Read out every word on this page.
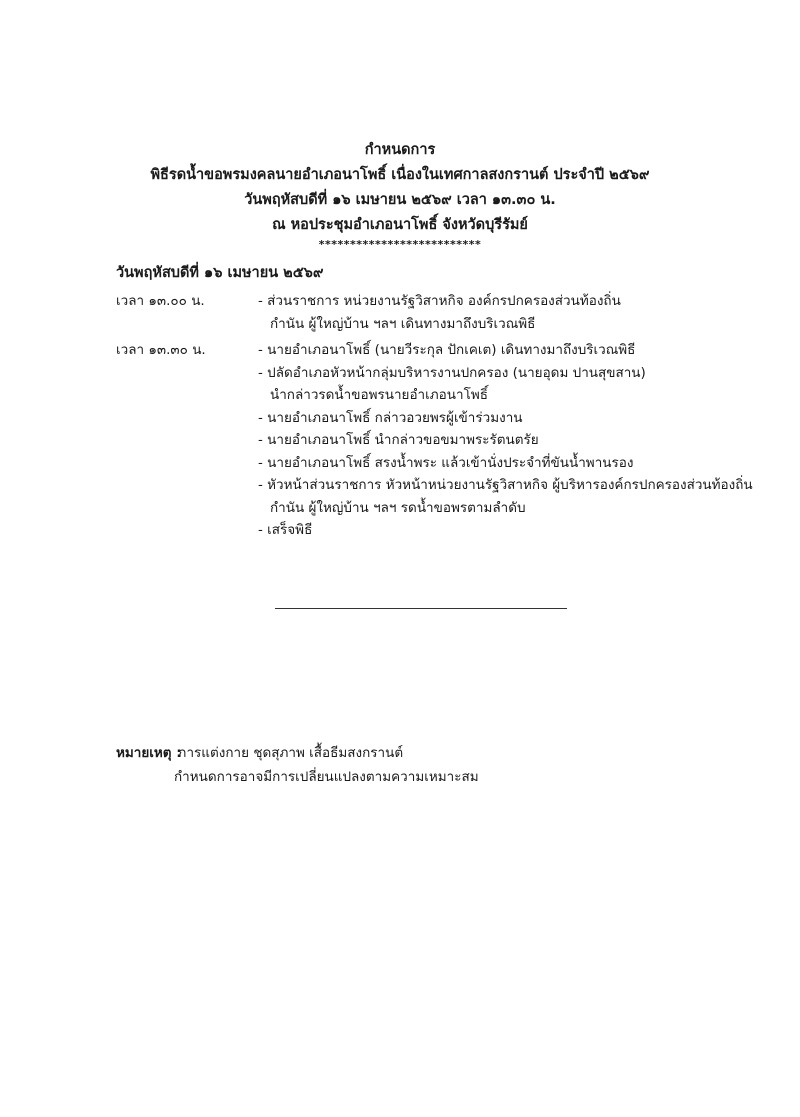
กำหนดการ
พิธีรดน้ำขอพรมงคลนายอำเภอนาโพธิ์ เนื่องในเทศกาลสงกรานต์ ประจำปี ๒๕๖๙
วันพฤหัสบดีที่ ๑๖ เมษายน ๒๕๖๙ เวลา ๑๓.๓๐ น.
ณ หอประชุมอำเภอนาโพธิ์ จังหวัดบุรีรัมย์
**************************
วันพฤหัสบดีที่ ๑๖ เมษายน ๒๕๖๙
เวลา ๑๓.๐๐ น.	- ส่วนราชการ หน่วยงานรัฐวิสาหกิจ องค์กรปกครองส่วนท้องถิ่น
กำนัน ผู้ใหญ่บ้าน ฯลฯ เดินทางมาถึงบริเวณพิธี
เวลา ๑๓.๓๐ น.	- นายอำเภอนาโพธิ์ (นายวีระกุล ปักเคเต) เดินทางมาถึงบริเวณพิธี
- ปลัดอำเภอหัวหน้ากลุ่มบริหารงานปกครอง (นายอุดม ปานสุขสาน)
นำกล่าวรดน้ำขอพรนายอำเภอนาโพธิ์
- นายอำเภอนาโพธิ์ กล่าวอวยพรผู้เข้าร่วมงาน
- นายอำเภอนาโพธิ์ นำกล่าวขอขมาพระรัตนตรัย
- นายอำเภอนาโพธิ์ สรงน้ำพระ แล้วเข้านั่งประจำที่ขันน้ำพานรอง
- หัวหน้าส่วนราชการ หัวหน้าหน่วยงานรัฐวิสาหกิจ ผู้บริหารองค์กรปกครองส่วนท้องถิ่น
กำนัน ผู้ใหญ่บ้าน ฯลฯ รดน้ำขอพรตามลำดับ
- เสร็จพิธี
หมายเหตุ : การแต่งกาย ชุดสุภาพ เสื้อธีมสงกรานต์
กำหนดการอาจมีการเปลี่ยนแปลงตามความเหมาะสม
